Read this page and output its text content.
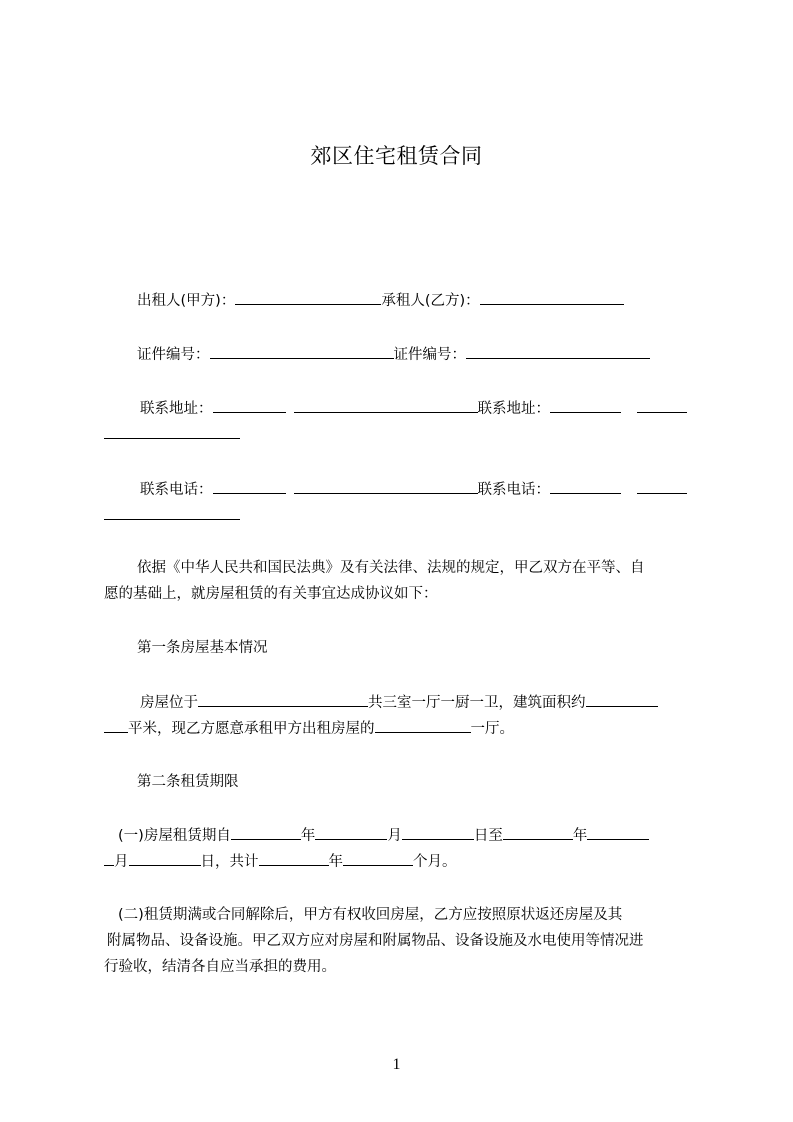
郊区住宅租赁合同
出租人(甲方)：	承租人(乙方)：
证件编号：	证件编号：
联系地址：	联系地址：
联系电话：	联系电话：
依据《中华人民共和国民法典》及有关法律、法规的规定，甲乙双方在平等、自
愿的基础上，就房屋租赁的有关事宜达成协议如下：
第一条房屋基本情况
房屋位于	共三室一厅一厨一卫，建筑面积约
平米，现乙方愿意承租甲方出租房屋的	一厅。
第二条租赁期限
(一)房屋租赁期自	年	月	日至	年
月	日，共计	年	个月。
(二)租赁期满或合同解除后，甲方有权收回房屋，乙方应按照原状返还房屋及其
附属物品、设备设施。甲乙双方应对房屋和附属物品、设备设施及水电使用等情况进
行验收，结清各自应当承担的费用。
1
